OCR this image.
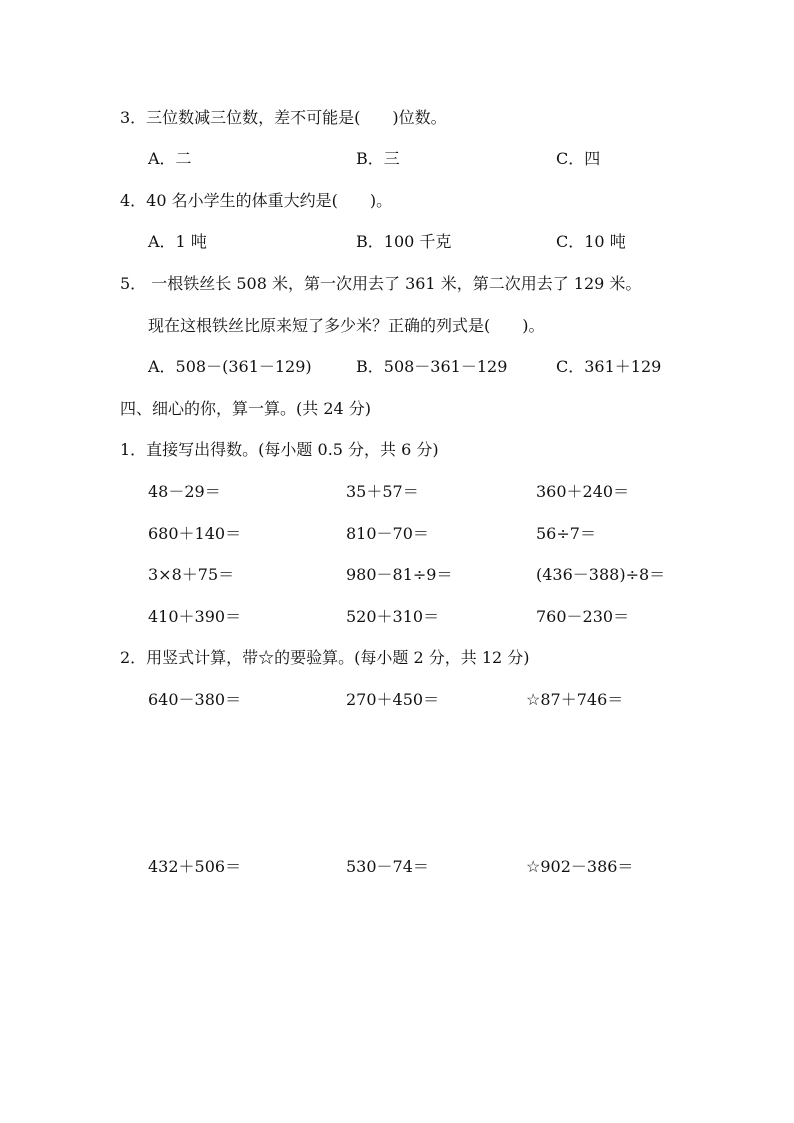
3．三位数减三位数，差不可能是(　　)位数。
A．二	B．三	C．四
4．40 名小学生的体重大约是(　　)。
A．1 吨	B．100 千克	C．10 吨
5． 一根铁丝长 508 米，第一次用去了 361 米，第二次用去了 129 米。
现在这根铁丝比原来短了多少米？正确的列式是(　　)。
A．508－(361－129)	B．508－361－129	C．361＋129
四、细心的你，算一算。(共 24 分)
1．直接写出得数。(每小题 0.5 分，共 6 分)
48－29＝	35＋57＝	360＋240＝
680＋140＝	810－70＝	56÷7＝
3×8＋75＝	980－81÷9＝	(436－388)÷8＝
410＋390＝	520＋310＝	760－230＝
2．用竖式计算，带☆的要验算。(每小题 2 分，共 12 分)
640－380＝	270＋450＝	☆87＋746＝
432＋506＝	530－74＝	☆902－386＝
